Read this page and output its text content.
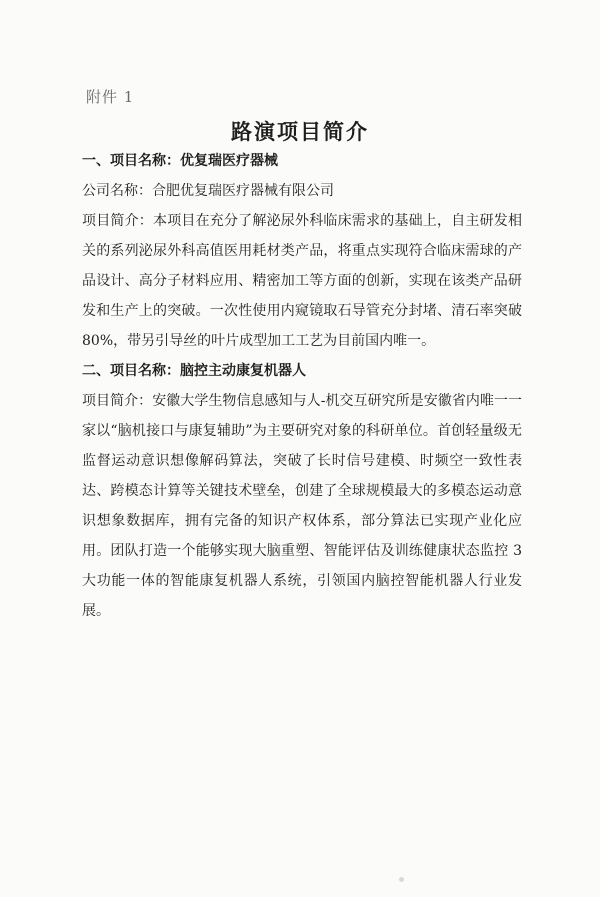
附件 1
路演项目简介

一、项目名称：优复瑞医疗器械

公司名称：合肥优复瑞医疗器械有限公司

项目简介：本项目在充分了解泌尿外科临床需求的基础上，自主研发相关的系列泌尿外科高值医用耗材类产品，将重点实现符合临床需球的产品设计、高分子材料应用、精密加工等方面的创新，实现在该类产品研发和生产上的突破。一次性使用内窥镜取石导管充分封堵、清石率突破 80%，带另引导丝的叶片成型加工工艺为目前国内唯一。

二、项目名称：脑控主动康复机器人

项目简介：安徽大学生物信息感知与人-机交互研究所是安徽省内唯一一家以“脑机接口与康复辅助”为主要研究对象的科研单位。首创轻量级无监督运动意识想像解码算法，突破了长时信号建模、时频空一致性表达、跨模态计算等关键技术壁垒，创建了全球规模最大的多模态运动意识想象数据库，拥有完备的知识产权体系，部分算法已实现产业化应用。团队打造一个能够实现大脑重塑、智能评估及训练健康状态监控 3 大功能一体的智能康复机器人系统，引领国内脑控智能机器人行业发展。
